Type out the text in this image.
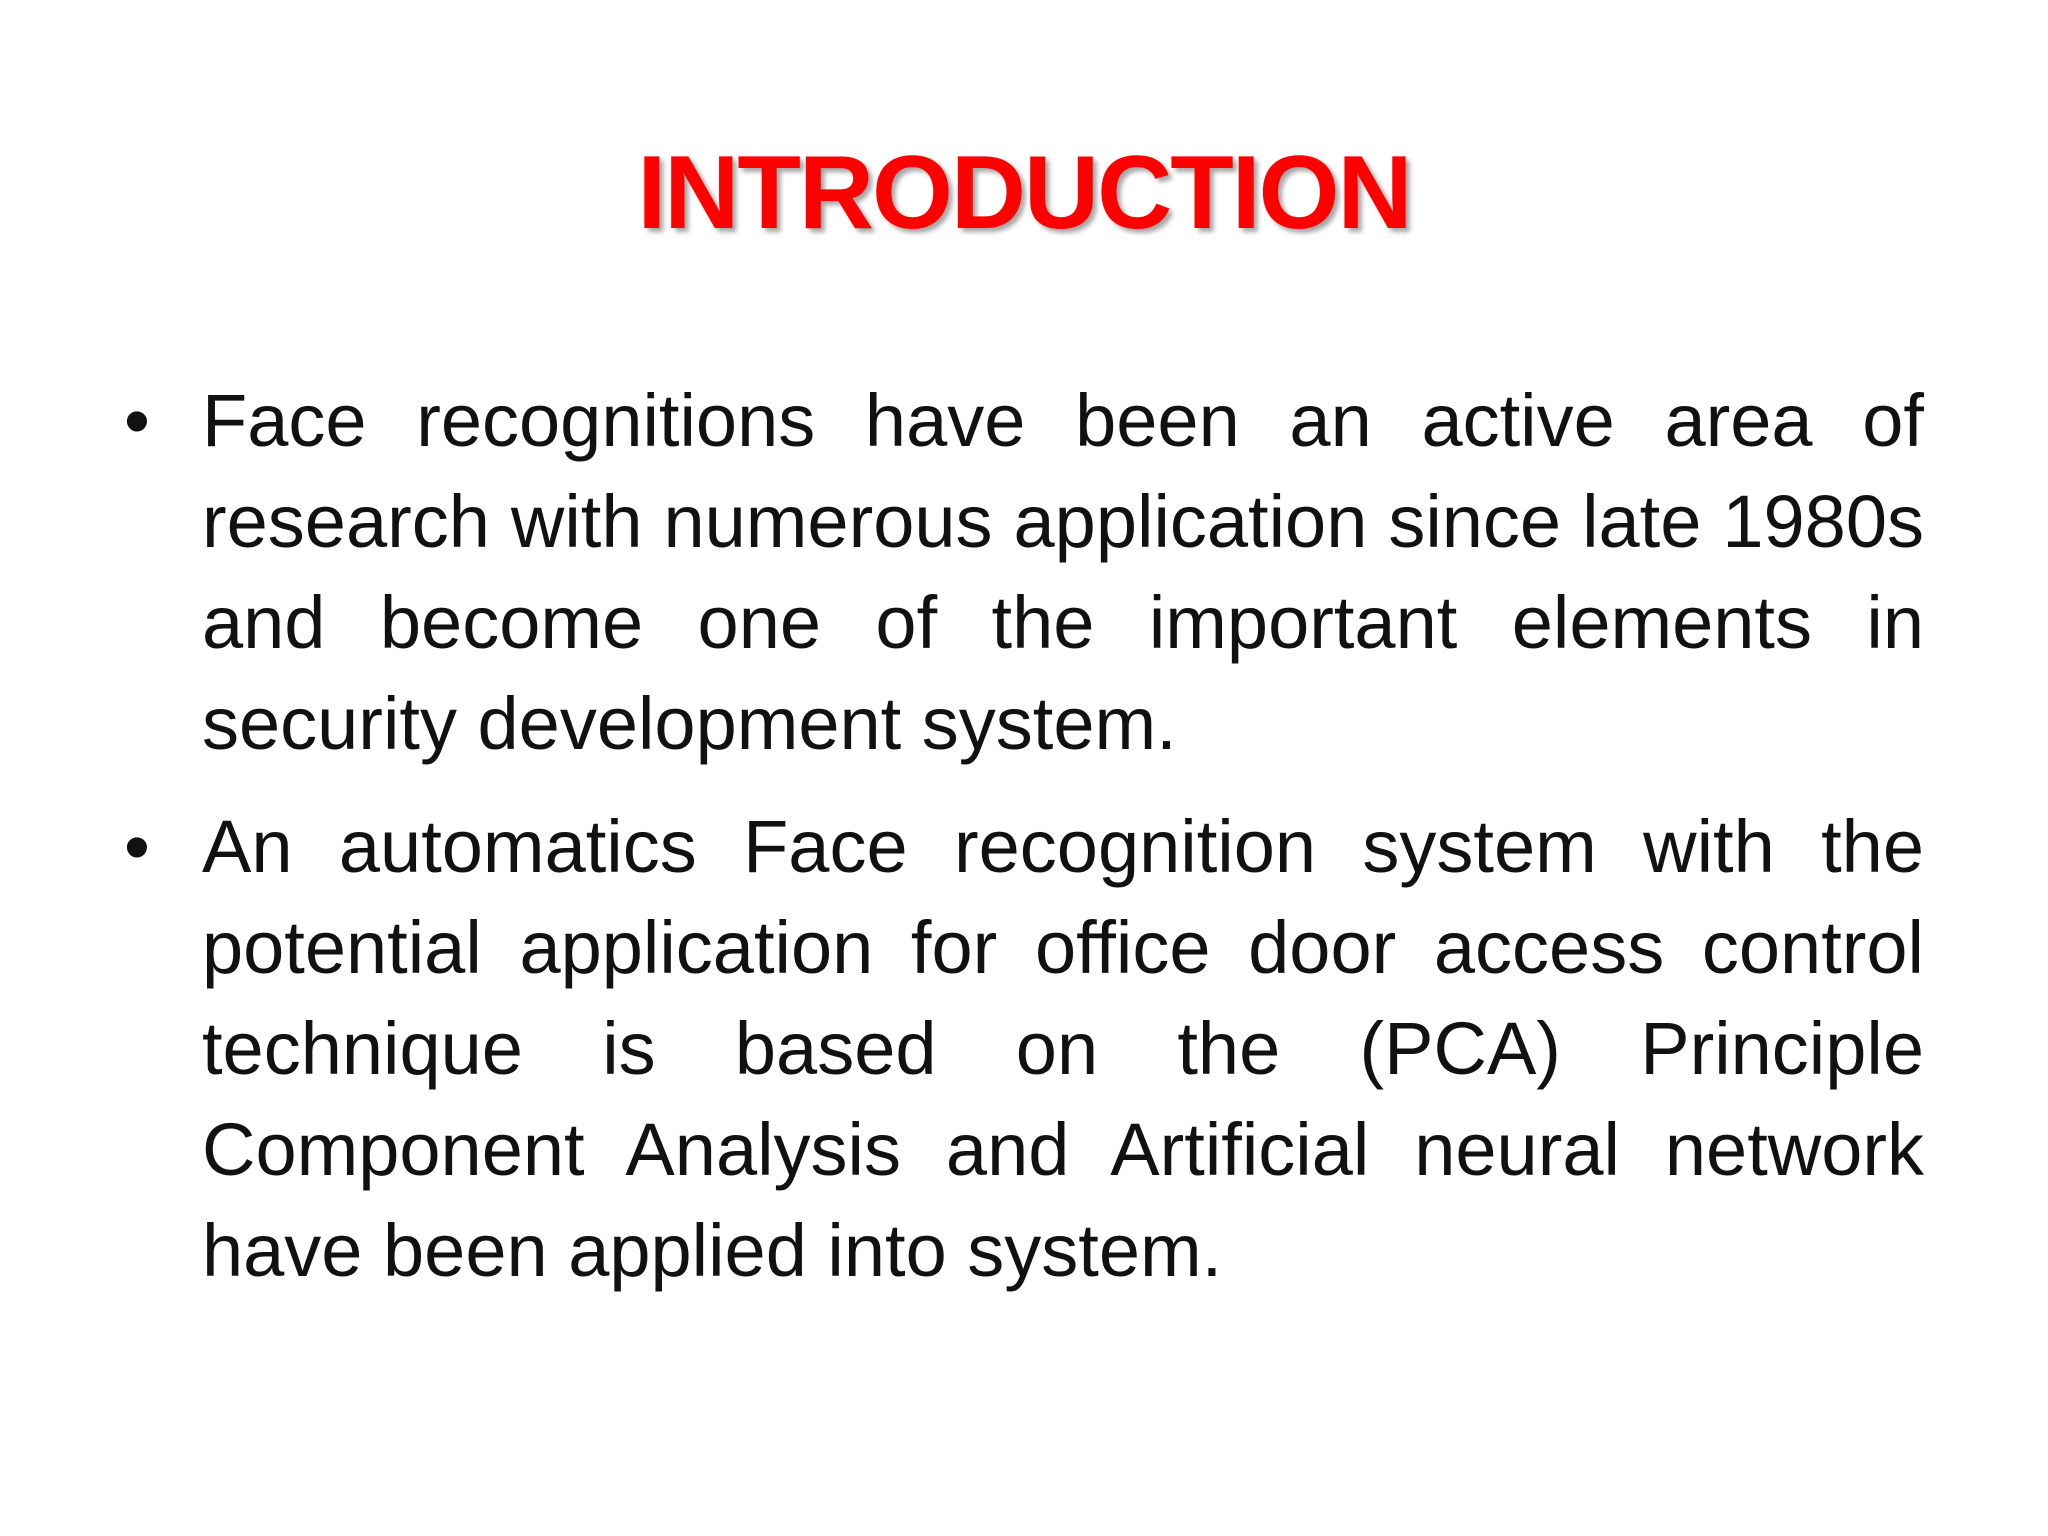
INTRODUCTION
• Face recognitions have been an active area of research with numerous application since late 1980s and become one of the important elements in security development system.
• An automatics Face recognition system with the potential application for office door access control technique is based on the (PCA) Principle Component Analysis and Artificial neural network have been applied into system.
